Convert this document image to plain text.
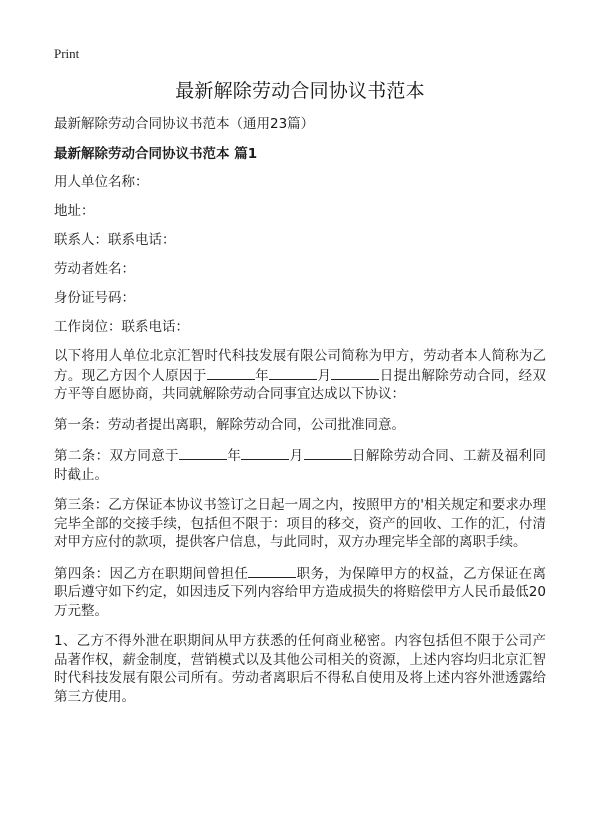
Print
最新解除劳动合同协议书范本

最新解除劳动合同协议书范本（通用23篇）

最新解除劳动合同协议书范本 篇1

用人单位名称：

地址：

联系人：联系电话：

劳动者姓名：

身份证号码：

工作岗位：联系电话：

以下将用人单位北京汇智时代科技发展有限公司简称为甲方，劳动者本人简称为乙方。现乙方因个人原因于	年	月	日提出解除劳动合同，经双方平等自愿协商，共同就解除劳动合同事宜达成以下协议：

第一条：劳动者提出离职，解除劳动合同，公司批准同意。

第二条：双方同意于	年	月	日解除劳动合同、工薪及福利同时截止。

第三条：乙方保证本协议书签订之日起一周之内，按照甲方的'相关规定和要求办理完毕全部的交接手续，包括但不限于：项目的移交，资产的回收、工作的汇，付清对甲方应付的款项，提供客户信息，与此同时，双方办理完毕全部的离职手续。

第四条：因乙方在职期间曾担任	职务，为保障甲方的权益，乙方保证在离职后遵守如下约定，如因违反下列内容给甲方造成损失的将赔偿甲方人民币最低20万元整。

1、乙方不得外泄在职期间从甲方获悉的任何商业秘密。内容包括但不限于公司产品著作权，薪金制度，营销模式以及其他公司相关的资源，上述内容均归北京汇智时代科技发展有限公司所有。劳动者离职后不得私自使用及将上述内容外泄透露给第三方使用。
